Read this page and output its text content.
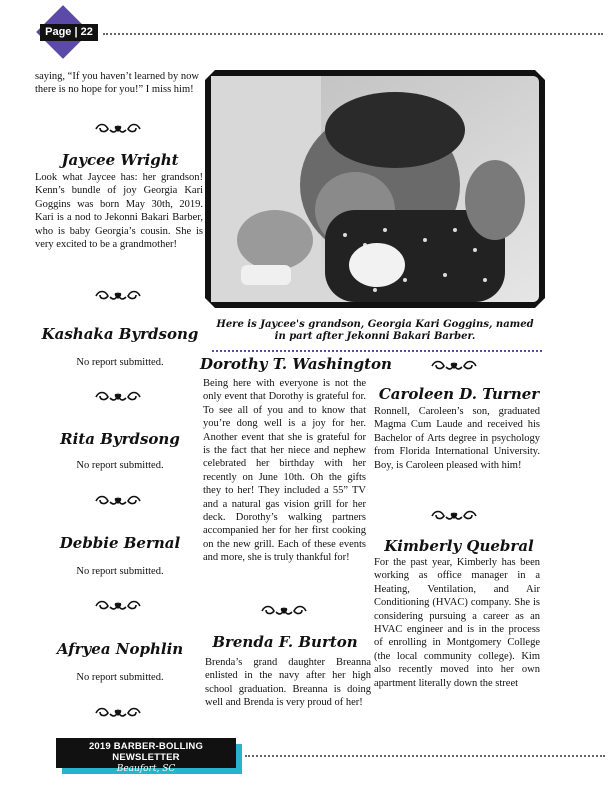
Page | 22
saying, “If you haven’t learned by now there is no hope for you!” I miss him!
Jaycee Wright
Look what Jaycee has: her grandson! Kenn’s bundle of joy Georgia Kari Goggins was born May 30th, 2019. Kari is a nod to Jekonni Bakari Barber, who is baby Georgia’s cousin. She is very excited to be a grandmother!
Kashaka Byrdsong
No report submitted.
Rita Byrdsong
No report submitted.
Debbie Bernal
No report submitted.
Afryea Nophlin
No report submitted.
Here is Jaycee's grandson, Georgia Kari Goggins, named
in part after Jekonni Bakari Barber.
Dorothy T. Washington
Being here with everyone is not the only event that Dorothy is grateful for. To see all of you and to know that you’re dong well is a joy for her. Another event that she is grateful for is the fact that her niece and nephew celebrated her birthday with her recently on June 10th. Oh the gifts they to her! They included a 55” TV and a natural gas vision grill for her deck. Dorothy’s walking partners accompanied her for her first cooking on the new grill. Each of these events and more, she is truly thankful for!
Brenda F. Burton
Brenda’s grand daughter Breanna enlisted in the navy after her high school graduation. Breanna is doing well and Brenda is very proud of her!
Caroleen D. Turner
Ronnell, Caroleen’s son, graduated Magma Cum Laude and received his Bachelor of Arts degree in psychology from Florida International University. Boy, is Caroleen pleased with him!
Kimberly Quebral
For the past year, Kimberly has been working as office manager in a Heating, Ventilation, and Air Conditioning (HVAC) company. She is considering pursuing a career as an HVAC engineer and is in the process of enrolling in Montgomery College (the local community college). Kim also recently moved into her own apartment literally down the street
2019 BARBER-BOLLING NEWSLETTER
Beaufort, SC
